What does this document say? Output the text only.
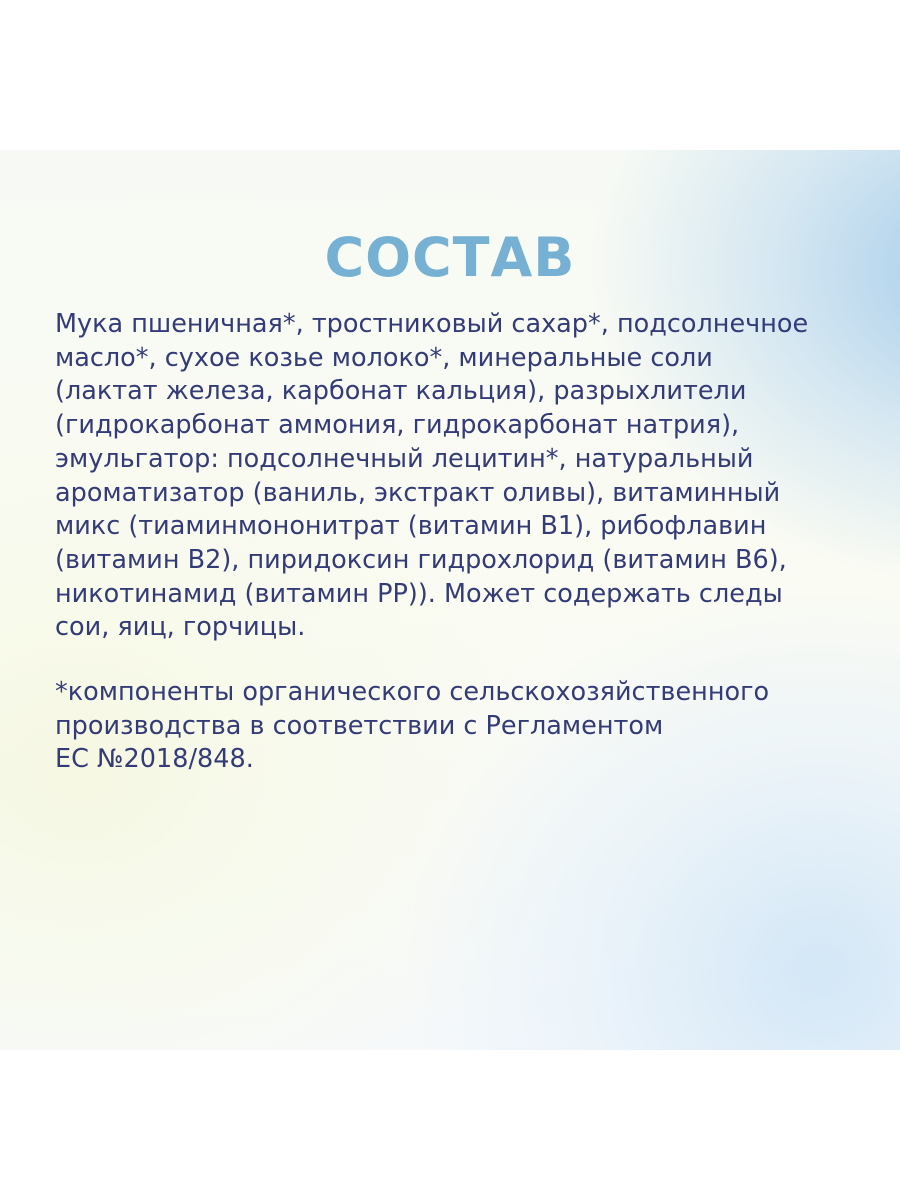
СОСТАВ

Мука пшеничная*, тростниковый сахар*, подсолнечное
масло*, сухое козье молоко*, минеральные соли
(лактат железа, карбонат кальция), разрыхлители
(гидрокарбонат аммония, гидрокарбонат натрия),
эмульгатор: подсолнечный лецитин*, натуральный
ароматизатор (ваниль, экстракт оливы), витаминный
микс (тиаминмононитрат (витамин B1), рибофлавин
(витамин B2), пиридоксин гидрохлорид (витамин B6),
никотинамид (витамин PP)). Может содержать следы
сои, яиц, горчицы.

*компоненты органического сельскохозяйственного
производства в соответствии с Регламентом
ЕС №2018/848.
